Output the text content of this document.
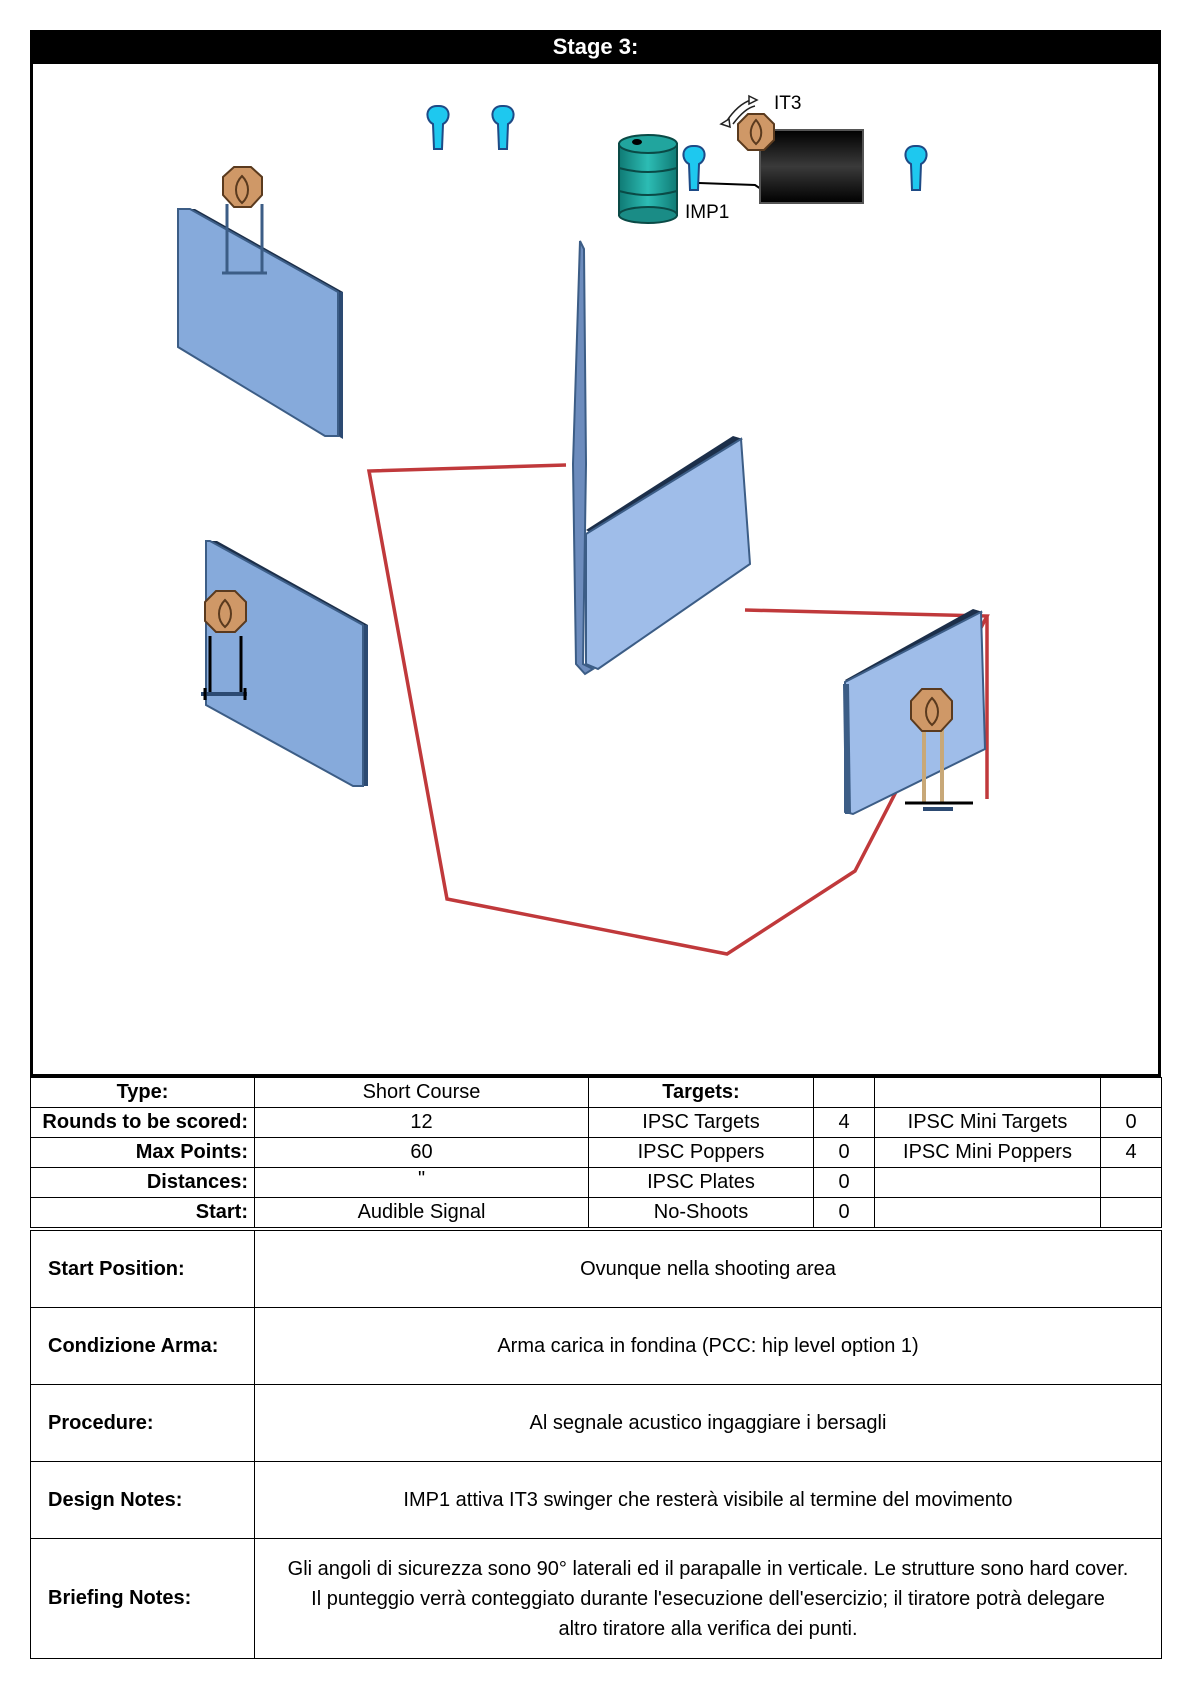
Stage 3:
IT3
IMP1
Type:	Short Course	Targets:			
Rounds to be scored:	12	IPSC Targets	4	IPSC Mini Targets	0
Max Points:	60	IPSC Poppers	0	IPSC Mini Poppers	4
Distances:	"	IPSC Plates	0		
Start:	Audible Signal	No-Shoots	0		
Start Position:	Ovunque nella shooting area
Condizione Arma:	Arma carica in fondina (PCC: hip level option 1)
Procedure:	Al segnale acustico ingaggiare i bersagli
Design Notes:	IMP1 attiva IT3 swinger che resterà visibile al termine del movimento
Briefing Notes:	Gli angoli di sicurezza sono 90° laterali ed il parapalle in verticale. Le strutture sono hard cover.
Il punteggio verrà conteggiato durante l'esecuzione dell'esercizio; il tiratore potrà delegare
altro tiratore alla verifica dei punti.
